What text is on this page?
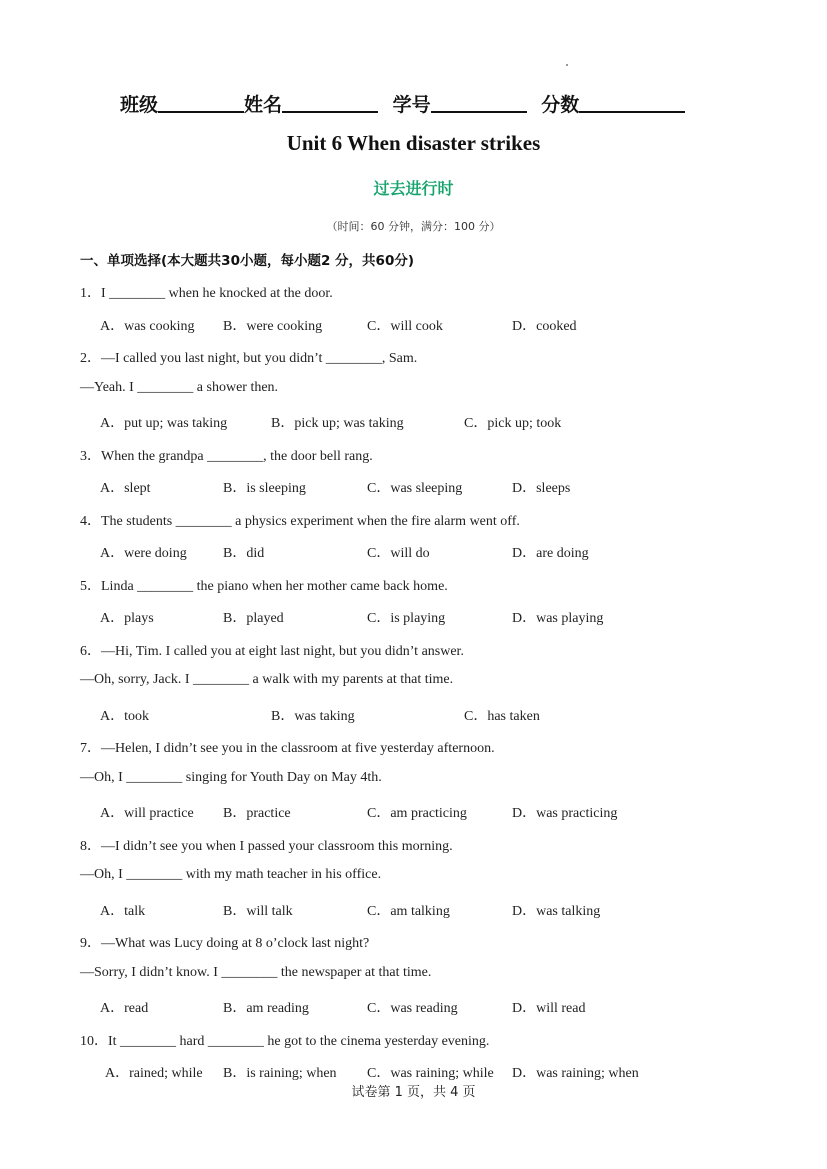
班级	姓名	学号	分数
Unit 6 When disaster strikes
过去进行时
（时间：60 分钟，满分：100 分）
一、单项选择(本大题共30小题，每小题2 分，共60分)
1．I ________ when he knocked at the door.
A．was cooking B．were cooking	C．will cook	D．cooked
2．—I called you last night, but you didn’t ________, Sam.
—Yeah. I ________ a shower then.
A．put up; was taking	B．pick up; was taking	C．pick up; took
3．When the grandpa ________, the door bell rang.
A．slept	B．is sleeping	C．was sleeping	D．sleeps
4．The students ________ a physics experiment when the fire alarm went off.
A．were doing	B．did	C．will do	D．are doing
5．Linda ________ the piano when her mother came back home.
A．plays	B．played	C．is playing	D．was playing
6．—Hi, Tim. I called you at eight last night, but you didn’t answer.
—Oh, sorry, Jack. I ________ a walk with my parents at that time.
A．took	B．was taking	C．has taken
7．—Helen, I didn’t see you in the classroom at five yesterday afternoon.
—Oh, I ________ singing for Youth Day on May 4th.
A．will practice B．practice	C．am practicing	D．was practicing
8．—I didn’t see you when I passed your classroom this morning.
—Oh, I ________ with my math teacher in his office.
A．talk	B．will talk	C．am talking	D．was talking
9．—What was Lucy doing at 8 o’clock last night?
—Sorry, I didn’t know. I ________ the newspaper at that time.
A．read	B．am reading	C．was reading	D．will read
10．It ________ hard ________ he got to the cinema yesterday evening.
A．rained; while B．is raining; when C．was raining; while D．was raining; when
试卷第 1 页，共 4 页
